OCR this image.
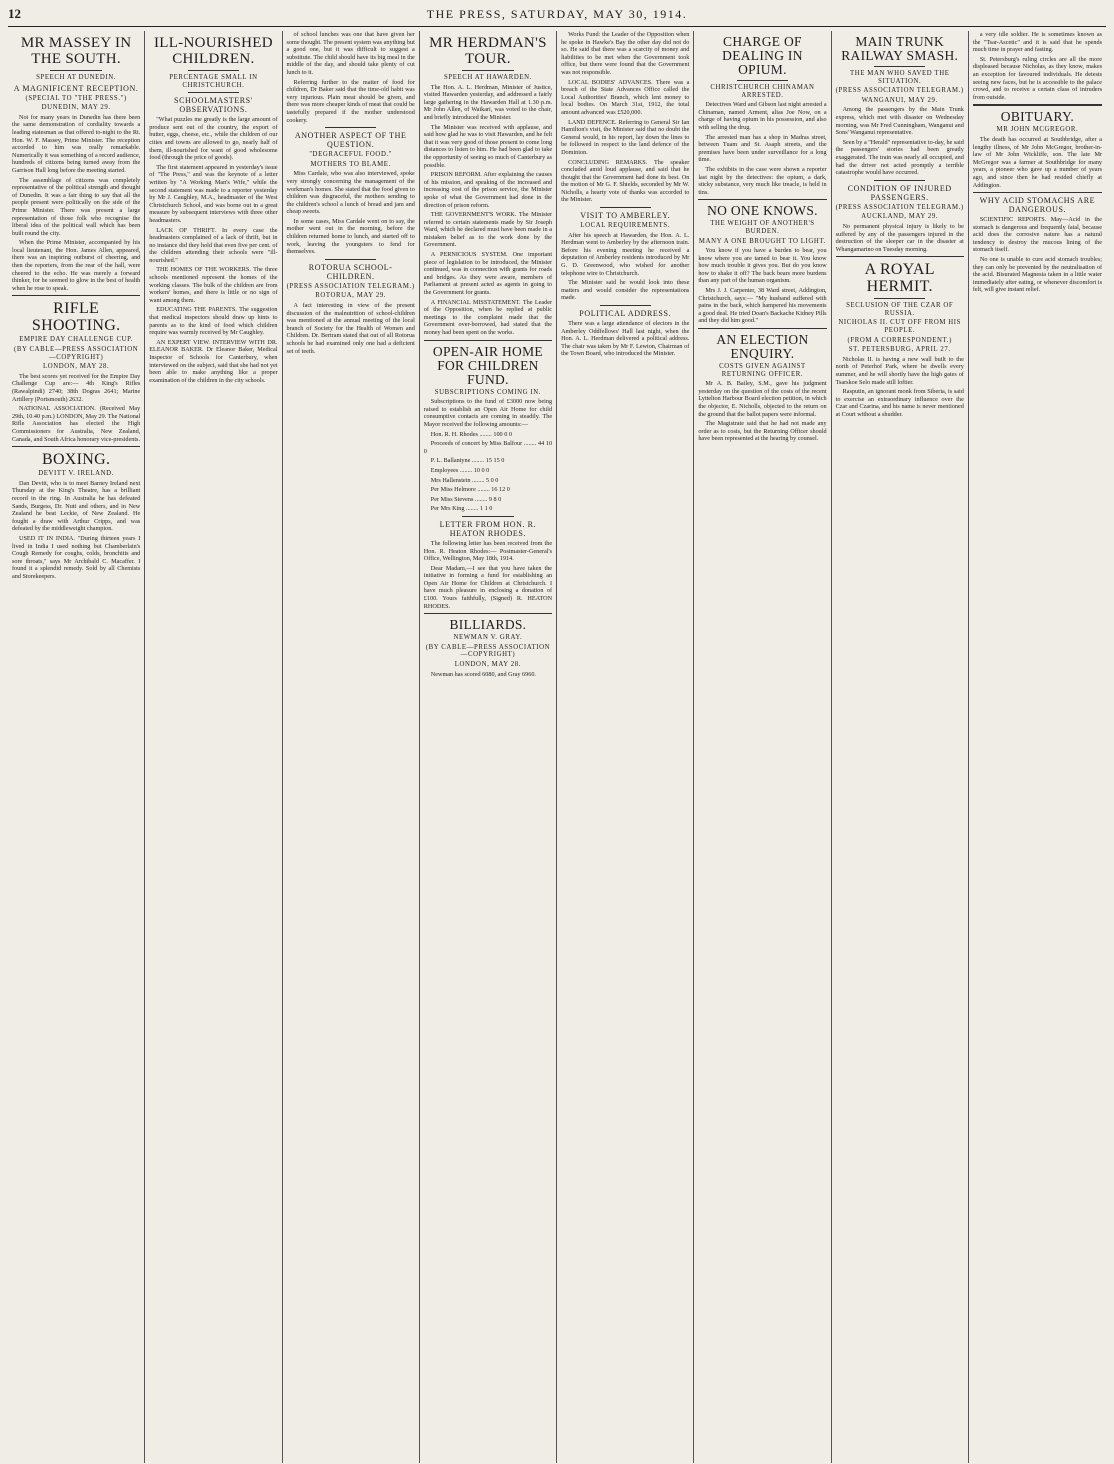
12	THE PRESS, SATURDAY, MAY 30, 1914.
MR MASSEY IN THE SOUTH.
SPEECH AT DUNEDIN.
A MAGNIFICENT RECEPTION.
(SPECIAL TO "THE PRESS.")
DUNEDIN, MAY 29.

Not for many years in Dunedin has there been the same demonstration of cordiality towards a leading statesman as that offered to-night to the Rt. Hon. W. F. Massey, Prime Minister. The reception accorded to him was really remarkable. Numerically it was something of a record audience, hundreds of citizens being turned away from the Garrison Hall long before the meeting started.

The assemblage of citizens was completely representative of the political strength and thought of Dunedin. It was a fair thing to say that all the people present were politically on the side of the Prime Minister. There was present a large representation of those folk who recognise the liberal idea of the political wall which has been built round the city.

When the Prime Minister, accompanied by his local lieutenant, the Hon. James Allen, appeared, there was an inspiring outburst of cheering, and then the reporters, from the rear of the hall, were cheered to the echo. He was merely a forward thinker, for he seemed to glow in the best of health when he rose to speak.

RIFLE SHOOTING.
EMPIRE DAY CHALLENGE CUP.
(BY CABLE—PRESS ASSOCIATION—COPYRIGHT)
LONDON, MAY 28.

The best scores yet received for the Empire Day Challenge Cup are:— 4th King's Rifles (Rawalpindi) 2740; 38th Dogras 2641; Marine Artillery (Portsmouth) 2632.

NATIONAL ASSOCIATION. (Received May 29th, 10.40 p.m.) LONDON, May 29. The National Rifle Association has elected the High Commissioners for Australia, New Zealand, Canada, and South Africa honorary vice-presidents.

BOXING.
DEVITT V. IRELAND.

Dan Devitt, who is to meet Barney Ireland next Thursday at the King's Theatre, has a brilliant record in the ring. In Australia he has defeated Sands, Burgess, Dr. Nutt and others, and in New Zealand he beat Leckie, of New Zealand. He fought a draw with Arthur Cripps, and was defeated by the middleweight champion.

USED IT IN INDIA. "During thirteen years I lived in India I used nothing but Chamberlain's Cough Remedy for coughs, colds, bronchitis and sore throats," says Mr Archibald C. Macaffer. I found it a splendid remedy. Sold by all Chemists and Storekeepers.

ILL-NOURISHED CHILDREN.
PERCENTAGE SMALL IN CHRISTCHURCH.
SCHOOLMASTERS' OBSERVATIONS.

"What puzzles me greatly is the large amount of produce sent out of the country, the export of butter, eggs, cheese, etc., while the children of our cities and towns are allowed to go, nearly half of them, ill-nourished for want of good wholesome food (through the price of goods).

The first statement appeared in yesterday's issue of "The Press," and was the keynote of a letter written by "A Working Man's Wife," while the second statement was made to a reporter yesterday by Mr J. Caughley, M.A., headmaster of the West Christchurch School, and was borne out in a great measure by subsequent interviews with three other headmasters.

LACK OF THRIFT. In every case the headmasters complained of a lack of thrift, but in no instance did they hold that even five per cent. of the children attending their schools were "ill-nourished."

THE HOMES OF THE WORKERS. The three schools mentioned represent the homes of the working classes. The bulk of the children are from workers' homes, and there is little or no sign of want among them.

EDUCATING THE PARENTS. The suggestion that medical inspectors should draw up hints to parents as to the kind of food which children require was warmly received by Mr Caughley.

AN EXPERT VIEW. INTERVIEW WITH DR. ELEANOR BAKER. Dr Eleanor Baker, Medical Inspector of Schools for Canterbury, when interviewed on the subject, said that she had not yet been able to make anything like a proper examination of the children in the city schools.

of school lunches was one that have given her some thought. The present system was anything but a good one, but it was difficult to suggest a substitute. The child should have its big meal in the middle of the day, and should take plenty of cut lunch to it.

Referring further to the matter of food for children, Dr Baker said that the time-old habit was very injurious. Plain meat should be given, and there was more cheaper kinds of meat that could be tastefully prepared if the mother understood cookery.

ANOTHER ASPECT OF THE QUESTION.
"DEGRACEFUL FOOD."
MOTHERS TO BLAME.

Miss Cardale, who was also interviewed, spoke very strongly concerning the management of the workman's homes. She stated that the food given to children was disgraceful, the mothers sending to the children's school a lunch of bread and jam and cheap sweets.

In some cases, Miss Cardale went on to say, the mother went out in the morning, before the children returned home to lunch, and started off to work, leaving the youngsters to fend for themselves.

ROTORUA SCHOOL-CHILDREN.
(PRESS ASSOCIATION TELEGRAM.)
ROTORUA, MAY 29.

A fact interesting in view of the present discussion of the malnutrition of school-children was mentioned at the annual meeting of the local branch of Society for the Health of Women and Children. Dr. Bertram stated that out of all Rotorua schools he had examined only one had a deficient set of teeth.

MR HERDMAN'S TOUR.
SPEECH AT HAWARDEN.

The Hon. A. L. Herdman, Minister of Justice, visited Hawarden yesterday, and addressed a fairly large gathering in the Hawarden Hall at 1.30 p.m. Mr John Allen, of Waikari, was voted to the chair, and briefly introduced the Minister.

The Minister was received with applause, and said how glad he was to visit Hawarden, and he felt that it was very good of those present to come long distances to listen to him. He had been glad to take the opportunity of seeing so much of Canterbury as possible.

PRISON REFORM. After explaining the causes of his mission, and speaking of the increased and increasing cost of the prison service, the Minister spoke of what the Government had done in the direction of prison reform.

THE GOVERNMENT'S WORK. The Minister referred to certain statements made by Sir Joseph Ward, which he declared must have been made in a mistaken belief as to the work done by the Government.

A PERNICIOUS SYSTEM. One important piece of legislation to be introduced, the Minister continued, was in connection with grants for roads and bridges. As they were aware, members of Parliament at present acted as agents in going to the Government for grants.

A FINANCIAL MISSTATEMENT. The Leader of the Opposition, when he replied at public meetings to the complaint made that the Government over-borrowed, had stated that the money had been spent on the works.

OPEN-AIR HOME FOR CHILDREN FUND.
SUBSCRIPTIONS COMING IN.

Subscriptions to the fund of £3000 now being raised to establish an Open Air Home for child consumptive contacts are coming in steadily. The Mayor received the following amounts:—

Hon. R. H. Rhodes ........ 100 0 0

Proceeds of concert by Miss Balfour ........ 44 10 0

P. L. Ballantyne ........ 15 15 0

Employees ........ 10 0 0

Mrs Hallenstein ........ 5 0 0

Per Miss Helmore ........ 16 12 0

Per Miss Stevens ........ 9 8 0

Per Mrs King ........ 1 1 0

LETTER FROM HON. R. HEATON RHODES.

The following letter has been received from the Hon. R. Heaton Rhodes:— Postmaster-General's Office, Wellington, May 18th, 1914.

Dear Madam,—I see that you have taken the initiative in forming a fund for establishing an Open Air Home for Children at Christchurch. I have much pleasure in enclosing a donation of £100. Yours faithfully, (Signed) R. HEATON RHODES.

BILLIARDS.
NEWMAN V. GRAY.
(BY CABLE—PRESS ASSOCIATION—COPYRIGHT)
LONDON, MAY 28.

Newman has scored 6080, and Gray 6960.

Works Fund: the Leader of the Opposition when he spoke in Hawke's Bay the other day did not do so. He said that there was a scarcity of money and liabilities to be met when the Government took office, but there were found that the Government was not responsible.

LOCAL BODIES' ADVANCES. There was a breach of the State Advances Office called the Local Authorities' Branch, which lent money to local bodies. On March 31st, 1912, the total amount advanced was £520,000.

LAND DEFENCE. Referring to General Sir Ian Hamilton's visit, the Minister said that no doubt the General would, in his report, lay down the lines to be followed in respect to the land defence of the Dominion.

CONCLUDING REMARKS. The speaker concluded amid loud applause, and said that he thought that the Government had done its best. On the motion of Mr G. F. Shields, seconded by Mr W. Nicholls, a hearty vote of thanks was accorded to the Minister.

VISIT TO AMBERLEY.
LOCAL REQUIREMENTS.

After his speech at Hawarden, the Hon. A. L. Herdman went to Amberley by the afternoon train. Before his evening meeting he received a deputation of Amberley residents introduced by Mr G. D. Greenwood, who wished for another telephone wire to Christchurch.

The Minister said he would look into these matters and would consider the representations made.

POLITICAL ADDRESS.

There was a large attendance of electors in the Amberley Oddfellows' Hall last night, when the Hon. A. L. Herdman delivered a political address. The chair was taken by Mr F. Lewton, Chairman of the Town Board, who introduced the Minister.

CHARGE OF DEALING IN OPIUM.
CHRISTCHURCH CHINAMAN ARRESTED.

Detectives Ward and Gibson last night arrested a Chinaman, named Arment, alias Joe Now, on a charge of having opium in his possession, and also with selling the drug.

The arrested man has a shop in Madras street, between Tuam and St. Asaph streets, and the premises have been under surveillance for a long time.

The exhibits in the case were shown a reporter last night by the detectives: the opium, a dark, sticky substance, very much like treacle, is held in tins.

NO ONE KNOWS.
THE WEIGHT OF ANOTHER'S BURDEN.
MANY A ONE BROUGHT TO LIGHT.

You know if you have a burden to bear, you know where you are tamed to bear it. You know how much trouble it gives you. But do you know how to shake it off? The back bears more burdens than any part of the human organism.

Mrs J. J. Carpenter, 38 Ward street, Addington, Christchurch, says:— "My husband suffered with pains in the back, which hampered his movements a good deal. He tried Doan's Backache Kidney Pills and they did him good."

AN ELECTION ENQUIRY.
COSTS GIVEN AGAINST RETURNING OFFICER.

Mr A. B. Bailey, S.M., gave his judgment yesterday on the question of the costs of the recent Lyttelton Harbour Board election petition, in which the objector, E. Nicholls, objected to the return on the ground that the ballot papers were informal.

The Magistrate said that he had not made any order as to costs, but the Returning Officer should have been represented at the hearing by counsel.

MAIN TRUNK RAILWAY SMASH.
THE MAN WHO SAVED THE SITUATION.
(PRESS ASSOCIATION TELEGRAM.)
WANGANUI, MAY 29.

Among the passengers by the Main Trunk express, which met with disaster on Wednesday morning, was Mr Fred Cunningham, Wanganui and Sons' Wanganui representative.

Seen by a "Herald" representative to-day, he said the passengers' stories had been greatly exaggerated. The train was nearly all occupied, and had the driver not acted promptly a terrible catastrophe would have occurred.

CONDITION OF INJURED PASSENGERS.
(PRESS ASSOCIATION TELEGRAM.)
AUCKLAND, MAY 29.

No permanent physical injury is likely to be suffered by any of the passengers injured in the destruction of the sleeper car in the disaster at Whangamarino on Tuesday morning.

A ROYAL HERMIT.
SECLUSION OF THE CZAR OF RUSSIA.
NICHOLAS II. CUT OFF FROM HIS PEOPLE.
(FROM A CORRESPONDENT.)
ST. PETERSBURG, APRIL 27.

Nicholas II. is having a new wall built to the north of Peterhof Park, where he dwells every summer, and he will shortly have the high gates of Tsarskoe Selo made still loftier.

Rasputin, an ignorant monk from Siberia, is said to exercise an extraordinary influence over the Czar and Czarina, and his name is never mentioned at Court without a shudder.

a very idle soldier. He is sometimes known as the "Tsar-Ascetic" and it is said that he spends much time in prayer and fasting.

St. Petersburg's ruling circles are all the more displeased because Nicholas, as they know, makes an exception for favoured individuals. He detests seeing new faces, but he is accessible to the palace crowd, and to receive a certain class of intruders from outside.

OBITUARY.
MR JOHN MCGREGOR.

The death has occurred at Southbridge, after a lengthy illness, of Mr John McGregor, brother-in-law of Mr John Wickliffe, son. The late Mr McGregor was a farmer at Southbridge for many years, a pioneer who gave up a number of years ago, and since then he had resided chiefly at Addington.

WHY ACID STOMACHS ARE DANGEROUS.

SCIENTIFIC REPORTS. May—Acid in the stomach is dangerous and frequently fatal, because acid does the corrosive nature has a natural tendency to destroy the mucous lining of the stomach itself.

No one is unable to cure acid stomach troubles; they can only be prevented by the neutralisation of the acid. Bisurated Magnesia taken in a little water immediately after eating, or whenever discomfort is felt, will give instant relief.
